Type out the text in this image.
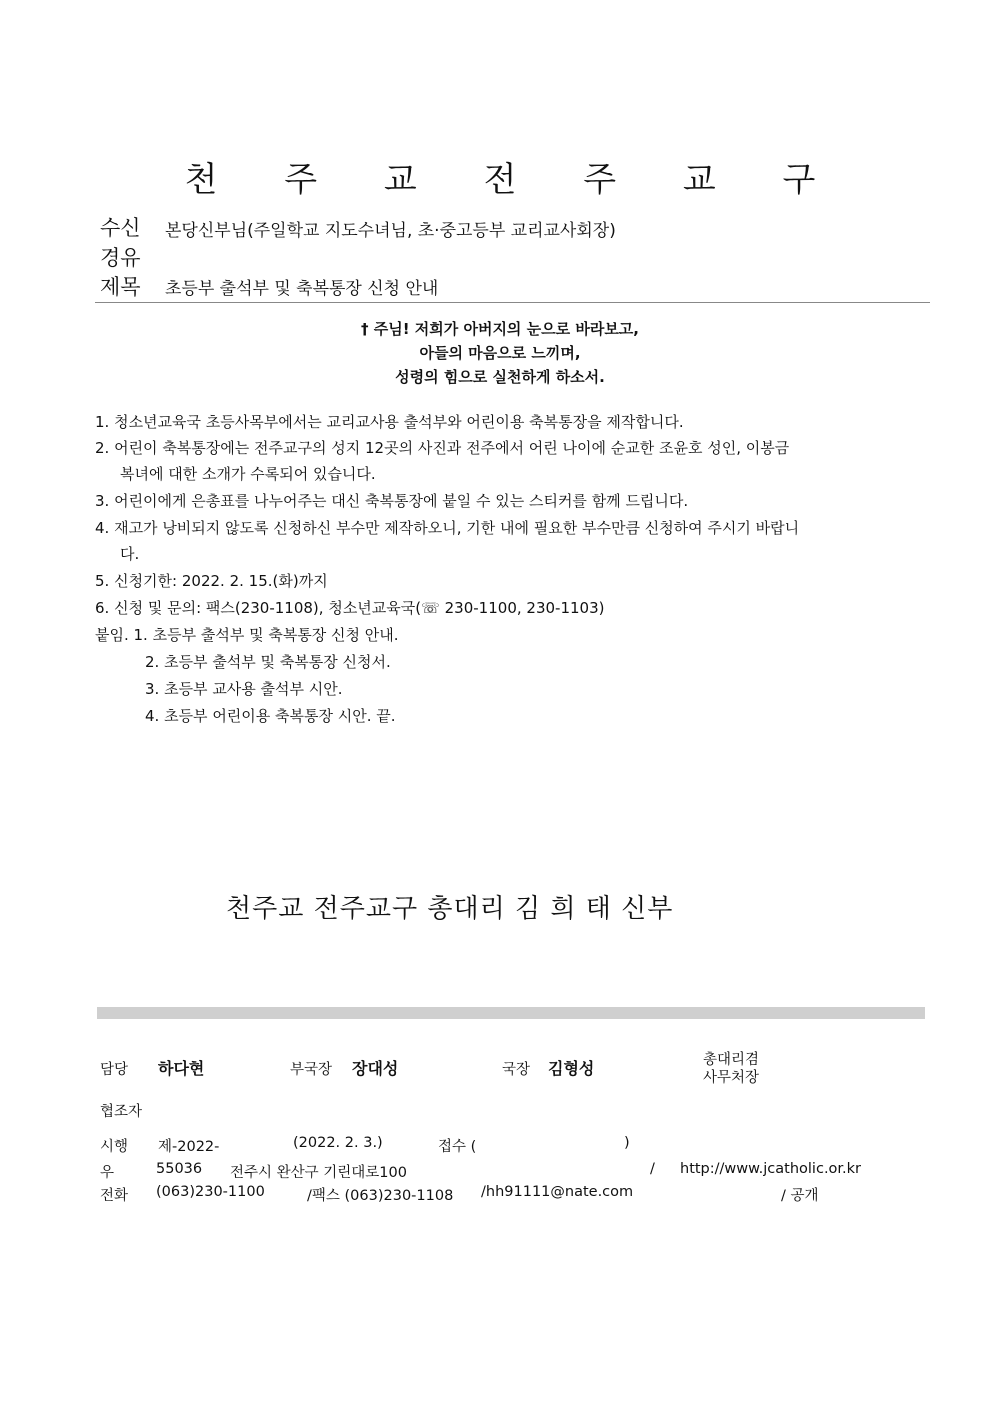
천 주 교 전 주 교 구
수신 본당신부님(주일학교 지도수녀님, 초·중고등부 교리교사회장)
경유
제목 초등부 출석부 및 축복통장 신청 안내
† 주님! 저희가 아버지의 눈으로 바라보고,
아들의 마음으로 느끼며,
성령의 힘으로 실천하게 하소서.
1. 청소년교육국 초등사목부에서는 교리교사용 출석부와 어린이용 축복통장을 제작합니다.
2. 어린이 축복통장에는 전주교구의 성지 12곳의 사진과 전주에서 어린 나이에 순교한 조윤호 성인, 이봉금
복녀에 대한 소개가 수록되어 있습니다.
3. 어린이에게 은총표를 나누어주는 대신 축복통장에 붙일 수 있는 스티커를 함께 드립니다.
4. 재고가 낭비되지 않도록 신청하신 부수만 제작하오니, 기한 내에 필요한 부수만큼 신청하여 주시기 바랍니
다.
5. 신청기한: 2022. 2. 15.(화)까지
6. 신청 및 문의: 팩스(230-1108), 청소년교육국(☏ 230-1100, 230-1103)
붙임. 1. 초등부 출석부 및 축복통장 신청 안내.
2. 초등부 출석부 및 축복통장 신청서.
3. 초등부 교사용 출석부 시안.
4. 초등부 어린이용 축복통장 시안. 끝.
천주교 전주교구 총대리 김 희 태 신부
담당 하다현	부국장 장대성	국장 김형성	총대리겸
사무처장
협조자
시행 제-2022-	(2022. 2. 3.)	접수 (	)
우	55036 전주시 완산구 기린대로100	/ http://www.jcatholic.or.kr
전화 (063)230-1100	/팩스 (063)230-1108 /hh91111@nate.com	/ 공개
